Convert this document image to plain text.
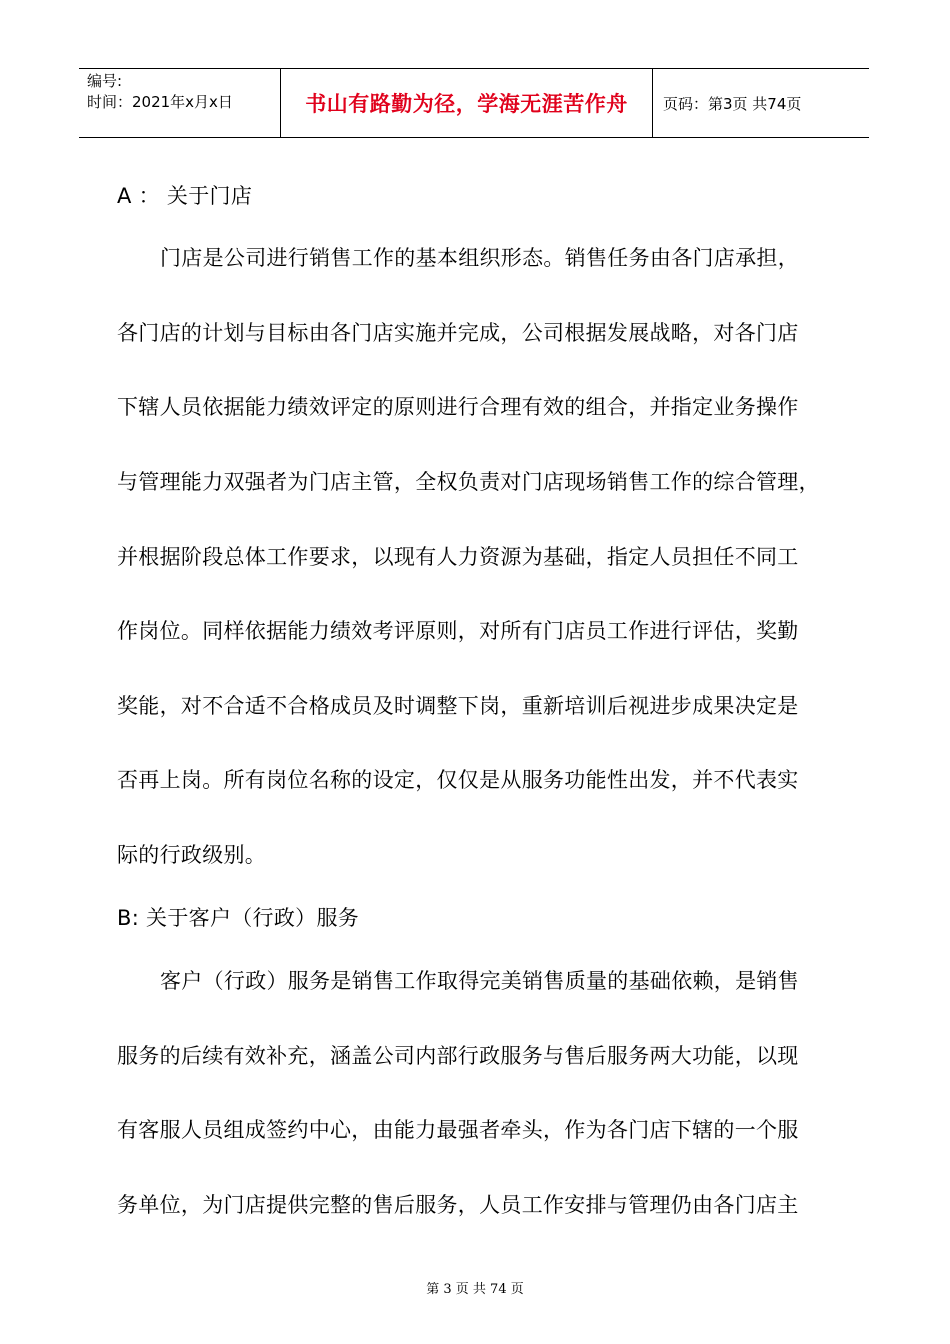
编号:
时间：2021年x月x日	书山有路勤为径，学海无涯苦作舟	页码：第3页 共74页
A ： 关于门店
门店是公司进行销售工作的基本组织形态。销售任务由各门店承担，
各门店的计划与目标由各门店实施并完成，公司根据发展战略，对各门店
下辖人员依据能力绩效评定的原则进行合理有效的组合，并指定业务操作
与管理能力双强者为门店主管，全权负责对门店现场销售工作的综合管理，
并根据阶段总体工作要求，以现有人力资源为基础，指定人员担任不同工
作岗位。同样依据能力绩效考评原则，对所有门店员工作进行评估，奖勤
奖能，对不合适不合格成员及时调整下岗，重新培训后视进步成果决定是
否再上岗。所有岗位名称的设定，仅仅是从服务功能性出发，并不代表实
际的行政级别。
B: 关于客户（行政）服务
客户（行政）服务是销售工作取得完美销售质量的基础依赖，是销售
服务的后续有效补充，涵盖公司内部行政服务与售后服务两大功能，以现
有客服人员组成签约中心，由能力最强者牵头，作为各门店下辖的一个服
务单位，为门店提供完整的售后服务，人员工作安排与管理仍由各门店主
第 3 页 共 74 页
